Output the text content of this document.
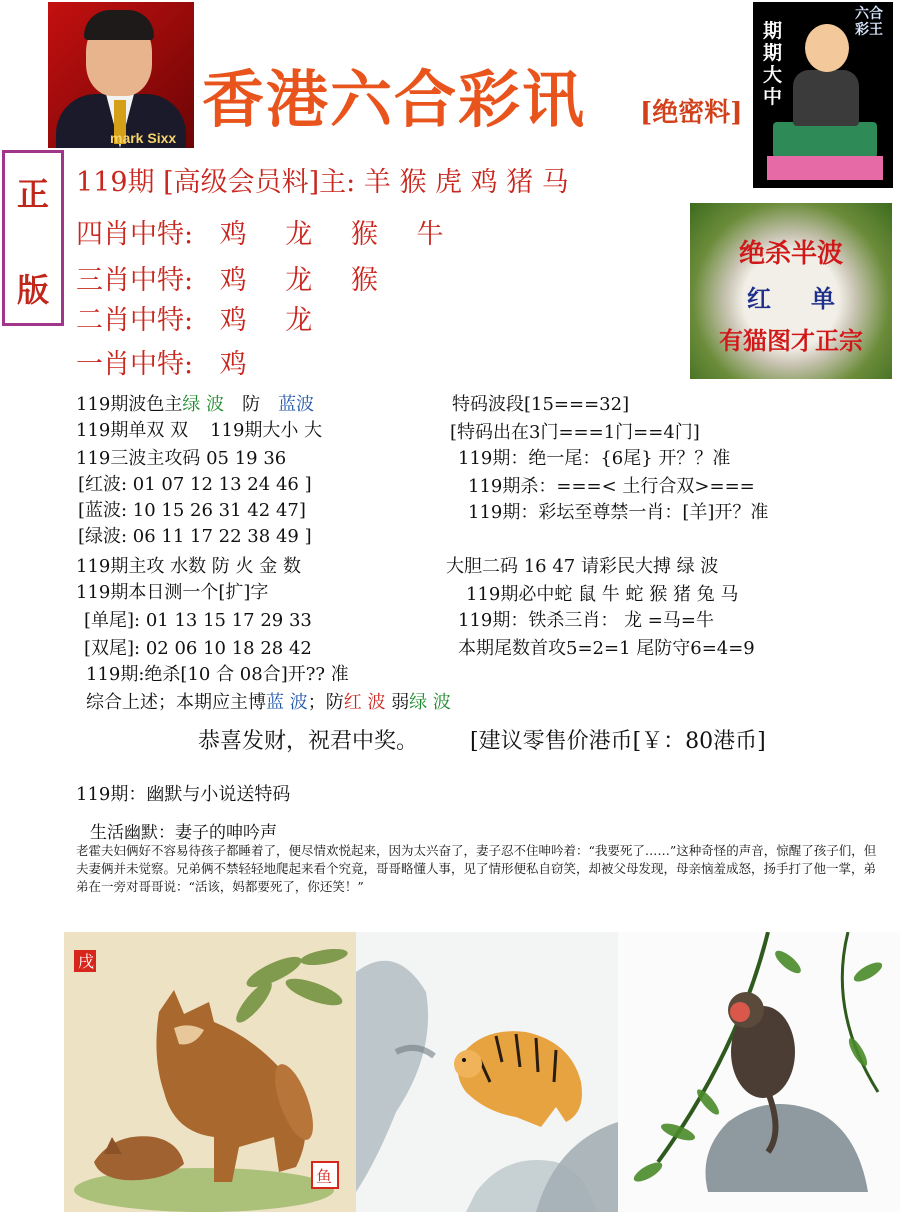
mark Sixx
香港六合彩讯 [绝密料]
期期大中
六合彩王
正
版
119期 [高级会员料]主: 羊 猴 虎 鸡 猪 马
四肖中特: 鸡 龙 猴 牛
三肖中特: 鸡 龙 猴
二肖中特: 鸡 龙
一肖中特: 鸡
绝杀半波
红 单
有猫图才正宗
119期波色主绿 波 防 蓝波
119期单双 双 119期大小 大
119三波主攻码 05 19 36
[红波: 01 07 12 13 24 46 ]
[蓝波: 10 15 26 31 42 47]
[绿波: 06 11 17 22 38 49 ]
119期主攻 水数 防 火 金 数
119期本日测一个[扩]字
[单尾]: 01 13 15 17 29 33
[双尾]: 02 06 10 18 28 42
119期:绝杀[10 合 08合]开?? 准
综合上述；本期应主博蓝 波；防红 波 弱绿 波
特码波段[15===32]
[特码出在3门===1门==4门]
119期：绝一尾：{6尾} 开？？准
119期杀：===< 土行合双>===
119期：彩坛至尊禁一肖：[羊]开？准
大胆二码 16 47 请彩民大搏 绿 波
119期必中蛇 鼠 牛 蛇 猴 猪 兔 马
119期：铁杀三肖： 龙 =马=牛
本期尾数首攻5=2=1 尾防守6=4=9
恭喜发财，祝君中奖。 [建议零售价港币[￥：80港币]
119期：幽默与小说送特码
生活幽默：妻子的呻吟声
老霍夫妇俩好不容易待孩子都睡着了，便尽情欢悦起来，因为太兴奋了，妻子忍不住呻吟着：“我要死了……”这种奇怪的声音，惊醒了孩子们，但夫妻俩并未觉察。兄弟俩不禁轻轻地爬起来看个究竟，哥哥略懂人事，见了情形便私自窃笑，却被父母发现，母亲恼羞成怒，扬手打了他一掌，弟弟在一旁对哥哥说：“活该，妈都要死了，你还笑！”
戌
鱼
